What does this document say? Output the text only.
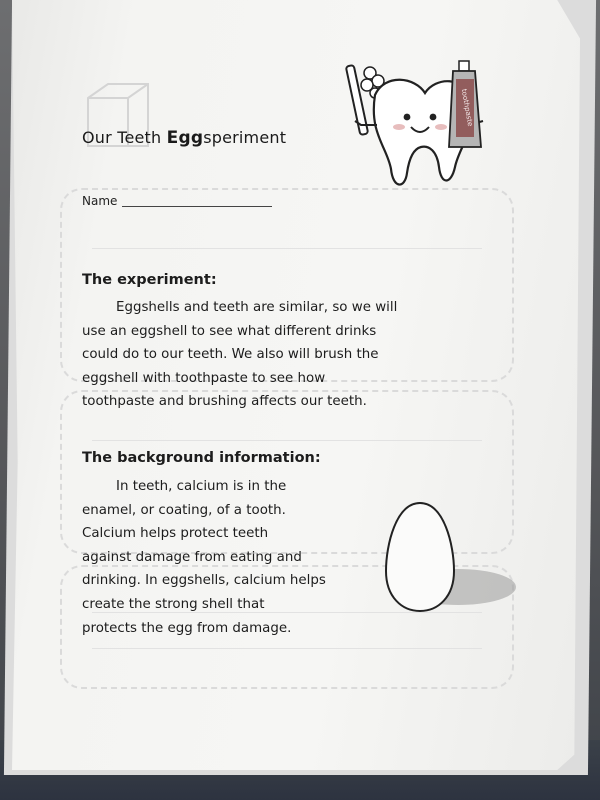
Our Teeth Eggsperiment
toothpaste
Name
The experiment:
Eggshells and teeth are similar, so we will
use an eggshell to see what different drinks
could do to our teeth. We also will brush the
eggshell with toothpaste to see how
toothpaste and brushing affects our teeth.
The background information:
In teeth, calcium is in the
enamel, or coating, of a tooth.
Calcium helps protect teeth
against damage from eating and
drinking. In eggshells, calcium helps
create the strong shell that
protects the egg from damage.
